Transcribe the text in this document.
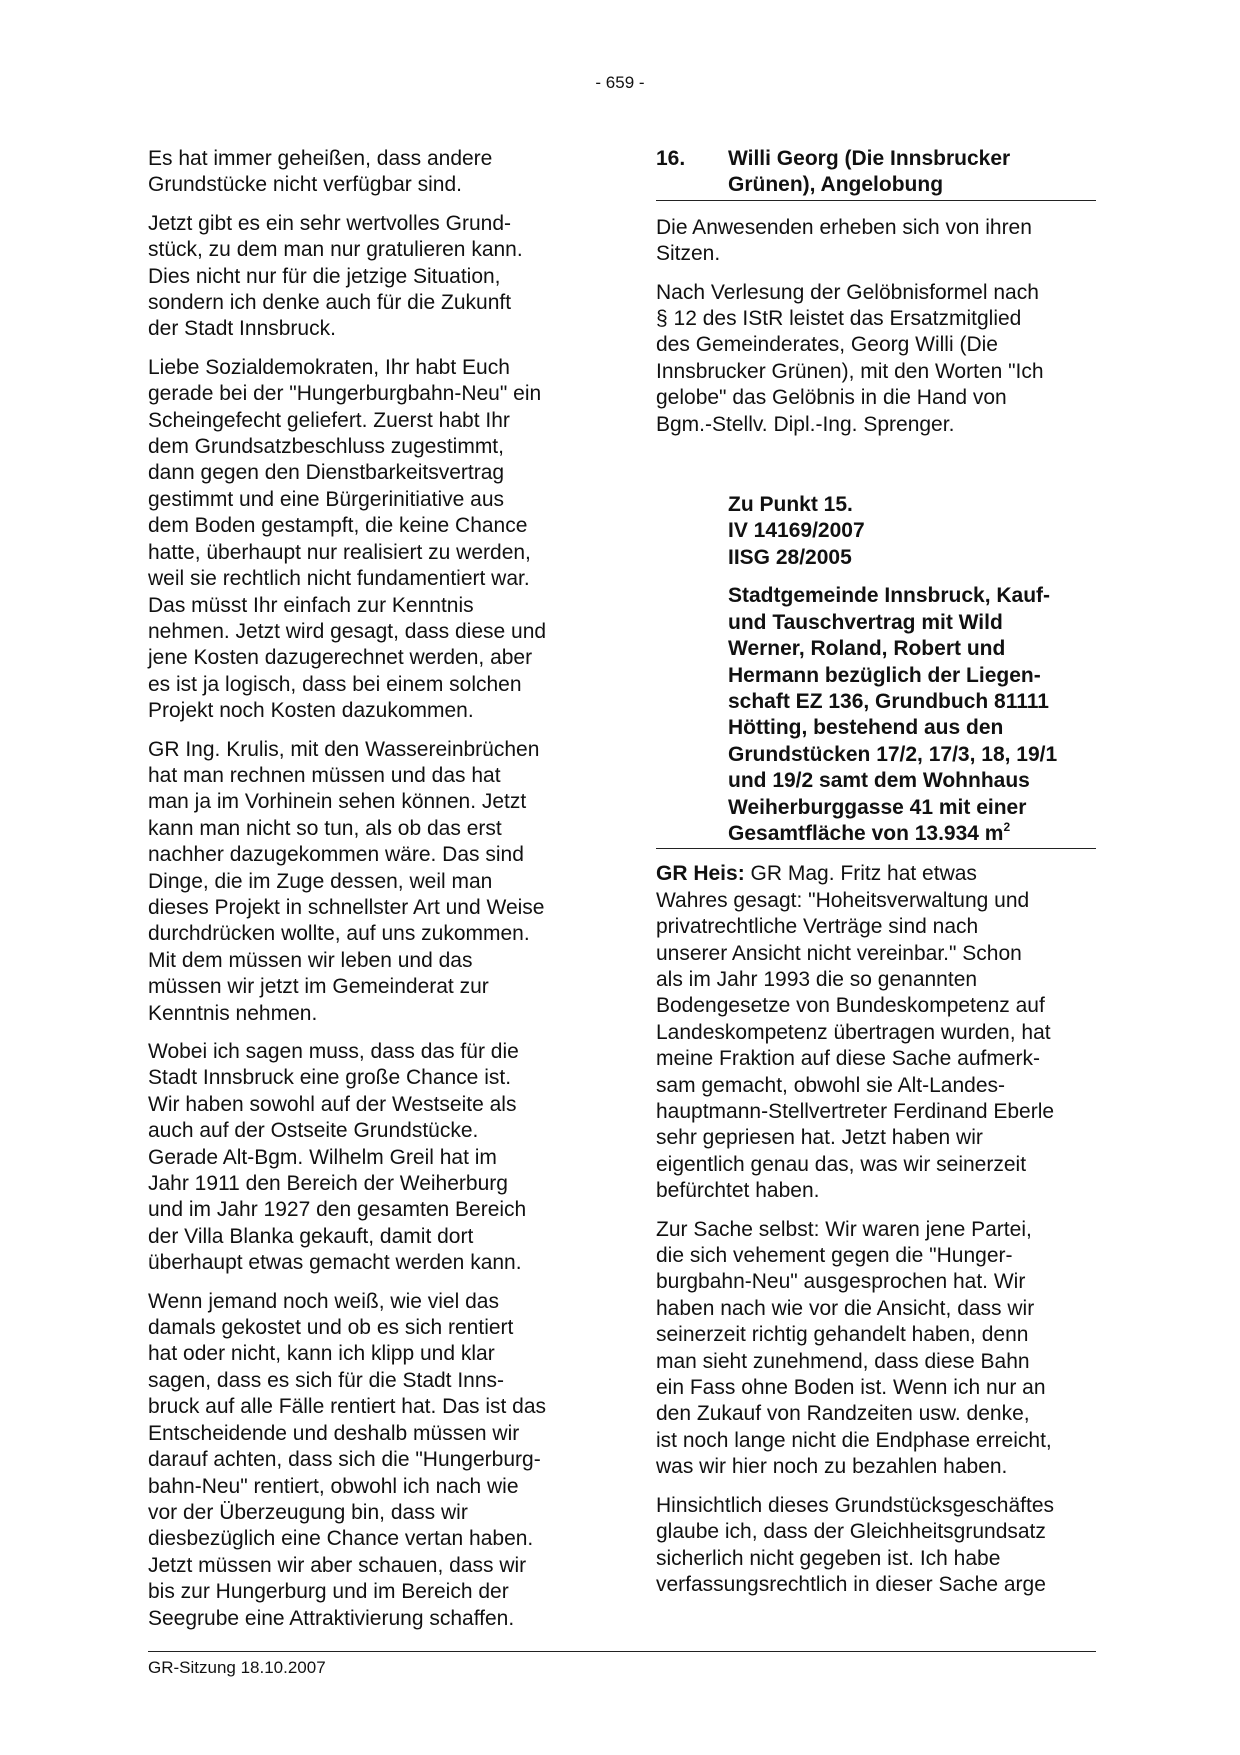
- 659 -
Es hat immer geheißen, dass andere
Grundstücke nicht verfügbar sind.
Jetzt gibt es ein sehr wertvolles Grund-
stück, zu dem man nur gratulieren kann.
Dies nicht nur für die jetzige Situation,
sondern ich denke auch für die Zukunft
der Stadt Innsbruck.
Liebe Sozialdemokraten, Ihr habt Euch
gerade bei der "Hungerburgbahn-Neu" ein
Scheingefecht geliefert. Zuerst habt Ihr
dem Grundsatzbeschluss zugestimmt,
dann gegen den Dienstbarkeitsvertrag
gestimmt und eine Bürgerinitiative aus
dem Boden gestampft, die keine Chance
hatte, überhaupt nur realisiert zu werden,
weil sie rechtlich nicht fundamentiert war.
Das müsst Ihr einfach zur Kenntnis
nehmen. Jetzt wird gesagt, dass diese und
jene Kosten dazugerechnet werden, aber
es ist ja logisch, dass bei einem solchen
Projekt noch Kosten dazukommen.
GR Ing. Krulis, mit den Wassereinbrüchen
hat man rechnen müssen und das hat
man ja im Vorhinein sehen können. Jetzt
kann man nicht so tun, als ob das erst
nachher dazugekommen wäre. Das sind
Dinge, die im Zuge dessen, weil man
dieses Projekt in schnellster Art und Weise
durchdrücken wollte, auf uns zukommen.
Mit dem müssen wir leben und das
müssen wir jetzt im Gemeinderat zur
Kenntnis nehmen.
Wobei ich sagen muss, dass das für die
Stadt Innsbruck eine große Chance ist.
Wir haben sowohl auf der Westseite als
auch auf der Ostseite Grundstücke.
Gerade Alt-Bgm. Wilhelm Greil hat im
Jahr 1911 den Bereich der Weiherburg
und im Jahr 1927 den gesamten Bereich
der Villa Blanka gekauft, damit dort
überhaupt etwas gemacht werden kann.
Wenn jemand noch weiß, wie viel das
damals gekostet und ob es sich rentiert
hat oder nicht, kann ich klipp und klar
sagen, dass es sich für die Stadt Inns-
bruck auf alle Fälle rentiert hat. Das ist das
Entscheidende und deshalb müssen wir
darauf achten, dass sich die "Hungerburg-
bahn-Neu" rentiert, obwohl ich nach wie
vor der Überzeugung bin, dass wir
diesbezüglich eine Chance vertan haben.
Jetzt müssen wir aber schauen, dass wir
bis zur Hungerburg und im Bereich der
Seegrube eine Attraktivierung schaffen.
16. Willi Georg (Die Innsbrucker
Grünen), Angelobung
Die Anwesenden erheben sich von ihren
Sitzen.
Nach Verlesung der Gelöbnisformel nach
§ 12 des IStR leistet das Ersatzmitglied
des Gemeinderates, Georg Willi (Die
Innsbrucker Grünen), mit den Worten "Ich
gelobe" das Gelöbnis in die Hand von
Bgm.-Stellv. Dipl.-Ing. Sprenger.
Zu Punkt 15.
IV 14169/2007
IISG 28/2005
Stadtgemeinde Innsbruck, Kauf-
und Tauschvertrag mit Wild
Werner, Roland, Robert und
Hermann bezüglich der Liegen-
schaft EZ 136, Grundbuch 81111
Hötting, bestehend aus den
Grundstücken 17/2, 17/3, 18, 19/1
und 19/2 samt dem Wohnhaus
Weiherburggasse 41 mit einer
Gesamtfläche von 13.934 $m^2$
GR Heis: GR Mag. Fritz hat etwas
Wahres gesagt: "Hoheitsverwaltung und
privatrechtliche Verträge sind nach
unserer Ansicht nicht vereinbar." Schon
als im Jahr 1993 die so genannten
Bodengesetze von Bundeskompetenz auf
Landeskompetenz übertragen wurden, hat
meine Fraktion auf diese Sache aufmerk-
sam gemacht, obwohl sie Alt-Landes-
hauptmann-Stellvertreter Ferdinand Eberle
sehr gepriesen hat. Jetzt haben wir
eigentlich genau das, was wir seinerzeit
befürchtet haben.
Zur Sache selbst: Wir waren jene Partei,
die sich vehement gegen die "Hunger-
burgbahn-Neu" ausgesprochen hat. Wir
haben nach wie vor die Ansicht, dass wir
seinerzeit richtig gehandelt haben, denn
man sieht zunehmend, dass diese Bahn
ein Fass ohne Boden ist. Wenn ich nur an
den Zukauf von Randzeiten usw. denke,
ist noch lange nicht die Endphase erreicht,
was wir hier noch zu bezahlen haben.
Hinsichtlich dieses Grundstücksgeschäftes
glaube ich, dass der Gleichheitsgrundsatz
sicherlich nicht gegeben ist. Ich habe
verfassungsrechtlich in dieser Sache arge
GR-Sitzung 18.10.2007
